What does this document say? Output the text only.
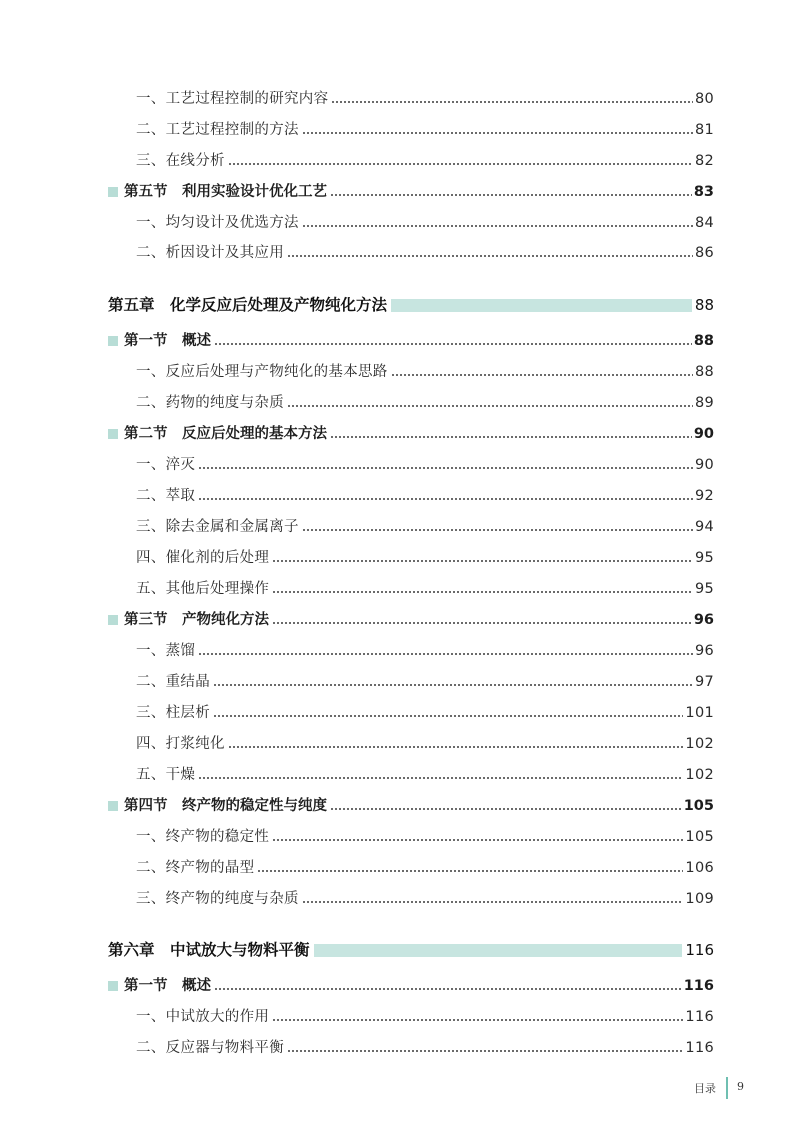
一、工艺过程控制的研究内容	80
二、工艺过程控制的方法	81
三、在线分析	82
第五节　利用实验设计优化工艺	83
一、均匀设计及优选方法	84
二、析因设计及其应用	86
第五章　化学反应后处理及产物纯化方法	88
第一节　概述	88
一、反应后处理与产物纯化的基本思路	88
二、药物的纯度与杂质	89
第二节　反应后处理的基本方法	90
一、淬灭	90
二、萃取	92
三、除去金属和金属离子	94
四、催化剂的后处理	95
五、其他后处理操作	95
第三节　产物纯化方法	96
一、蒸馏	96
二、重结晶	97
三、柱层析	101
四、打浆纯化	102
五、干燥	102
第四节　终产物的稳定性与纯度	105
一、终产物的稳定性	105
二、终产物的晶型	106
三、终产物的纯度与杂质	109
第六章　中试放大与物料平衡	116
第一节　概述	116
一、中试放大的作用	116
二、反应器与物料平衡	116
目录 9
